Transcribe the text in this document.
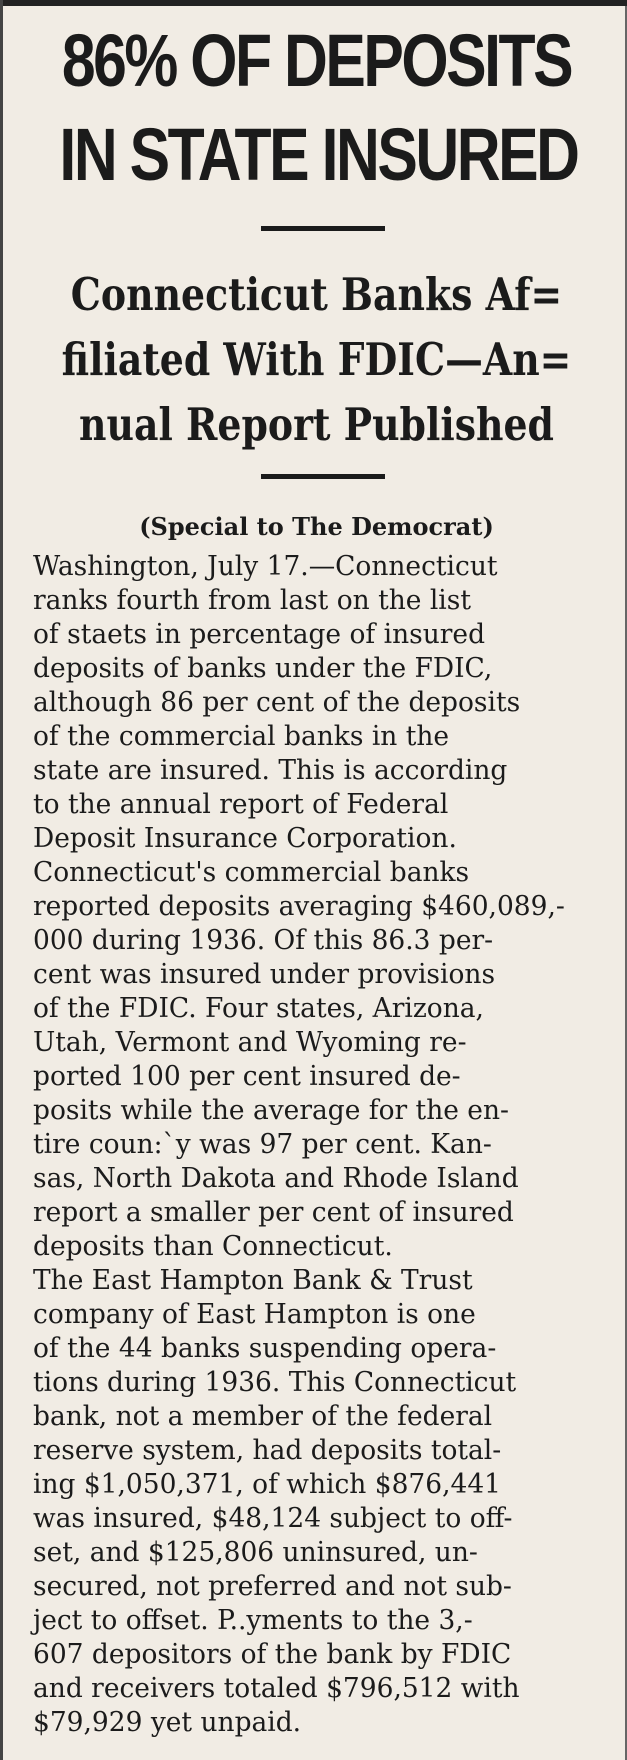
86% OF DEPOSITS
IN STATE INSURED
Connecticut Banks Af=
filiated With FDIC—An=
nual Report Published
(Special to The Democrat)
Washington, July 17.—Connecticut
ranks fourth from last on the list
of staets in percentage of insured
deposits of banks under the FDIC,
although 86 per cent of the deposits
of the commercial banks in the
state are insured. This is according
to the annual report of Federal
Deposit Insurance Corporation.
Connecticut's commercial banks
reported deposits averaging $460,089,-
000 during 1936. Of this 86.3 per-
cent was insured under provisions
of the FDIC. Four states, Arizona,
Utah, Vermont and Wyoming re-
ported 100 per cent insured de-
posits while the average for the en-
tire coun:`y was 97 per cent. Kan-
sas, North Dakota and Rhode Island
report a smaller per cent of insured
deposits than Connecticut.
The East Hampton Bank & Trust
company of East Hampton is one
of the 44 banks suspending opera-
tions during 1936. This Connecticut
bank, not a member of the federal
reserve system, had deposits total-
ing $1,050,371, of which $876,441
was insured, $48,124 subject to off-
set, and $125,806 uninsured, un-
secured, not preferred and not sub-
ject to offset. P..yments to the 3,-
607 depositors of the bank by FDIC
and receivers totaled $796,512 with
$79,929 yet unpaid.
